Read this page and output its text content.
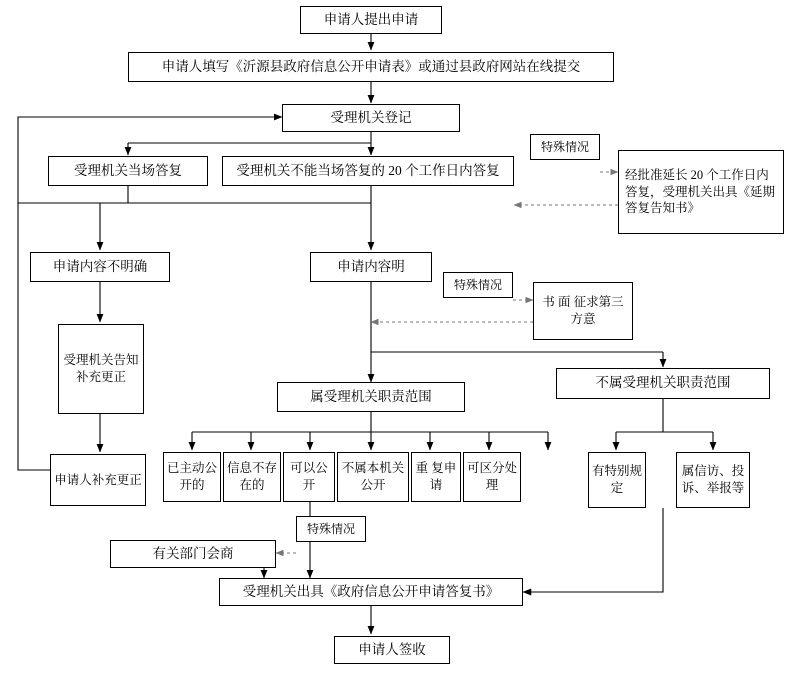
申请人提出申请
申请人填写《沂源县政府信息公开申请表》或通过县政府网站在线提交
受理机关登记
受理机关当场答复	受理机关不能当场答复的 20 个工作日内答复
特殊情况
经批准延长 20 个工作日内答复，受理机关出具《延期答复告知书》
申请内容不明确	申请内容明
特殊情况
书 面 征求第三方意
受理机关告知补充更正
申请人补充更正
属受理机关职责范围
不属受理机关职责范围
已主动公开的
信息不存在的
可以公开
不属本机关公开
重 复申请
可区分处理
有特别规定
属信访、投诉、举报等
特殊情况
有关部门会商
受理机关出具《政府信息公开申请答复书》
申请人签收
